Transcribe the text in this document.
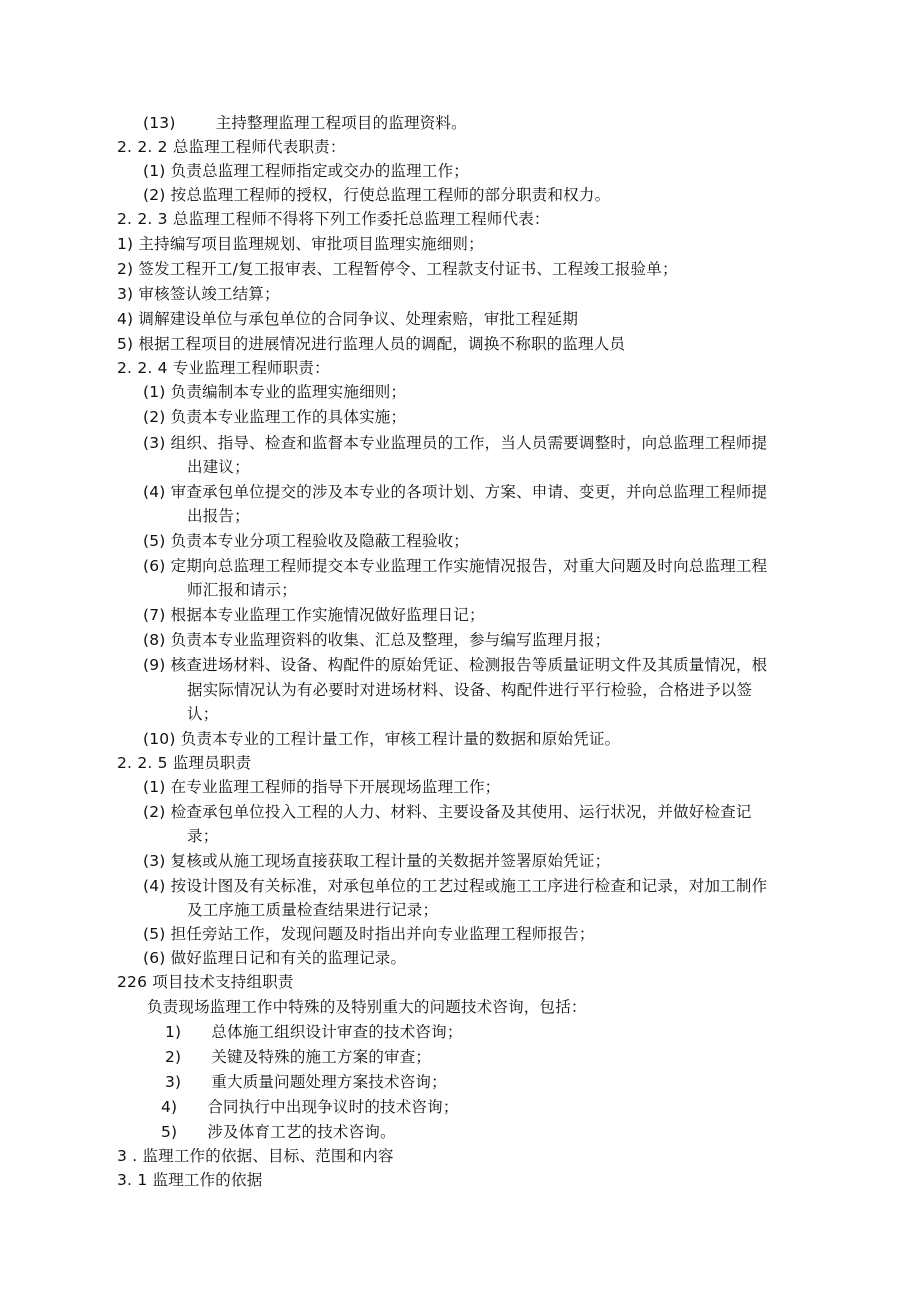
(13)	主持整理监理工程项目的监理资料。
2. 2. 2 总监理工程师代表职责：
(1) 负责总监理工程师指定或交办的监理工作；
(2) 按总监理工程师的授权，行使总监理工程师的部分职责和权力。
2. 2. 3 总监理工程师不得将下列工作委托总监理工程师代表：
1) 主持编写项目监理规划、审批项目监理实施细则；
2) 签发工程开工/复工报审表、工程暂停令、工程款支付证书、工程竣工报验单；
3) 审核签认竣工结算；
4) 调解建设单位与承包单位的合同争议、处理索赔，审批工程延期
5) 根据工程项目的进展情况进行监理人员的调配，调换不称职的监理人员
2. 2. 4 专业监理工程师职责：
(1) 负责编制本专业的监理实施细则；
(2) 负责本专业监理工作的具体实施；
(3) 组织、指导、检查和监督本专业监理员的工作，当人员需要调整时，向总监理工程师提
出建议；
(4) 审查承包单位提交的涉及本专业的各项计划、方案、申请、变更，并向总监理工程师提
出报告；
(5) 负责本专业分项工程验收及隐蔽工程验收；
(6) 定期向总监理工程师提交本专业监理工作实施情况报告，对重大问题及时向总监理工程
师汇报和请示；
(7) 根据本专业监理工作实施情况做好监理日记；
(8) 负责本专业监理资料的收集、汇总及整理，参与编写监理月报；
(9) 核查进场材料、设备、构配件的原始凭证、检测报告等质量证明文件及其质量情况，根
据实际情况认为有必要时对进场材料、设备、构配件进行平行检验，合格进予以签
认；
(10) 负责本专业的工程计量工作，审核工程计量的数据和原始凭证。
2. 2. 5 监理员职责
(1) 在专业监理工程师的指导下开展现场监理工作；
(2) 检查承包单位投入工程的人力、材料、主要设备及其使用、运行状况，并做好检查记
录；
(3) 复核或从施工现场直接获取工程计量的关数据并签署原始凭证；
(4) 按设计图及有关标准，对承包单位的工艺过程或施工工序进行检查和记录，对加工制作
及工序施工质量检查结果进行记录；
(5) 担任旁站工作，发现问题及时指出并向专业监理工程师报告；
(6) 做好监理日记和有关的监理记录。
226 项目技术支持组职责
负责现场监理工作中特殊的及特别重大的问题技术咨询，包括：
1) 总体施工组织设计审查的技术咨询；
2) 关键及特殊的施工方案的审查；
3) 重大质量问题处理方案技术咨询；
4) 合同执行中出现争议时的技术咨询；
5) 涉及体育工艺的技术咨询。
3 . 监理工作的依据、目标、范围和内容
3. 1 监理工作的依据
